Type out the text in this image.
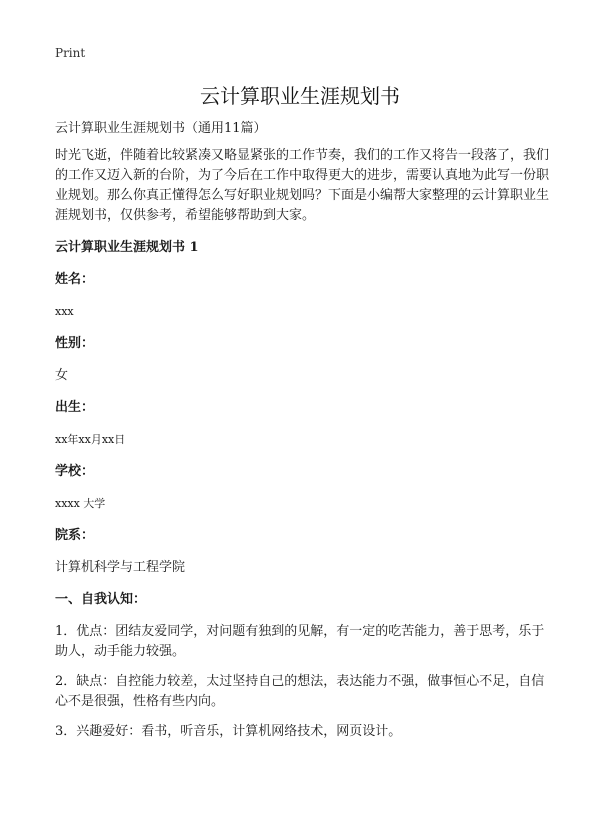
Print
云计算职业生涯规划书

云计算职业生涯规划书（通用11篇）

时光飞逝，伴随着比较紧凑又略显紧张的工作节奏，我们的工作又将告一段落了，我们的工作又迈入新的台阶，为了今后在工作中取得更大的进步，需要认真地为此写一份职业规划。那么你真正懂得怎么写好职业规划吗？下面是小编帮大家整理的云计算职业生涯规划书，仅供参考，希望能够帮助到大家。

云计算职业生涯规划书 1

姓名：

xxx

性别：

女

出生：

xx年xx月xx日

学校：

xxxx 大学

院系：

计算机科学与工程学院

一、自我认知：

1．优点：团结友爱同学，对问题有独到的见解，有一定的吃苦能力，善于思考，乐于助人，动手能力较强。

2．缺点：自控能力较差，太过坚持自己的想法，表达能力不强，做事恒心不足，自信心不是很强，性格有些内向。

3．兴趣爱好：看书，听音乐，计算机网络技术，网页设计。
